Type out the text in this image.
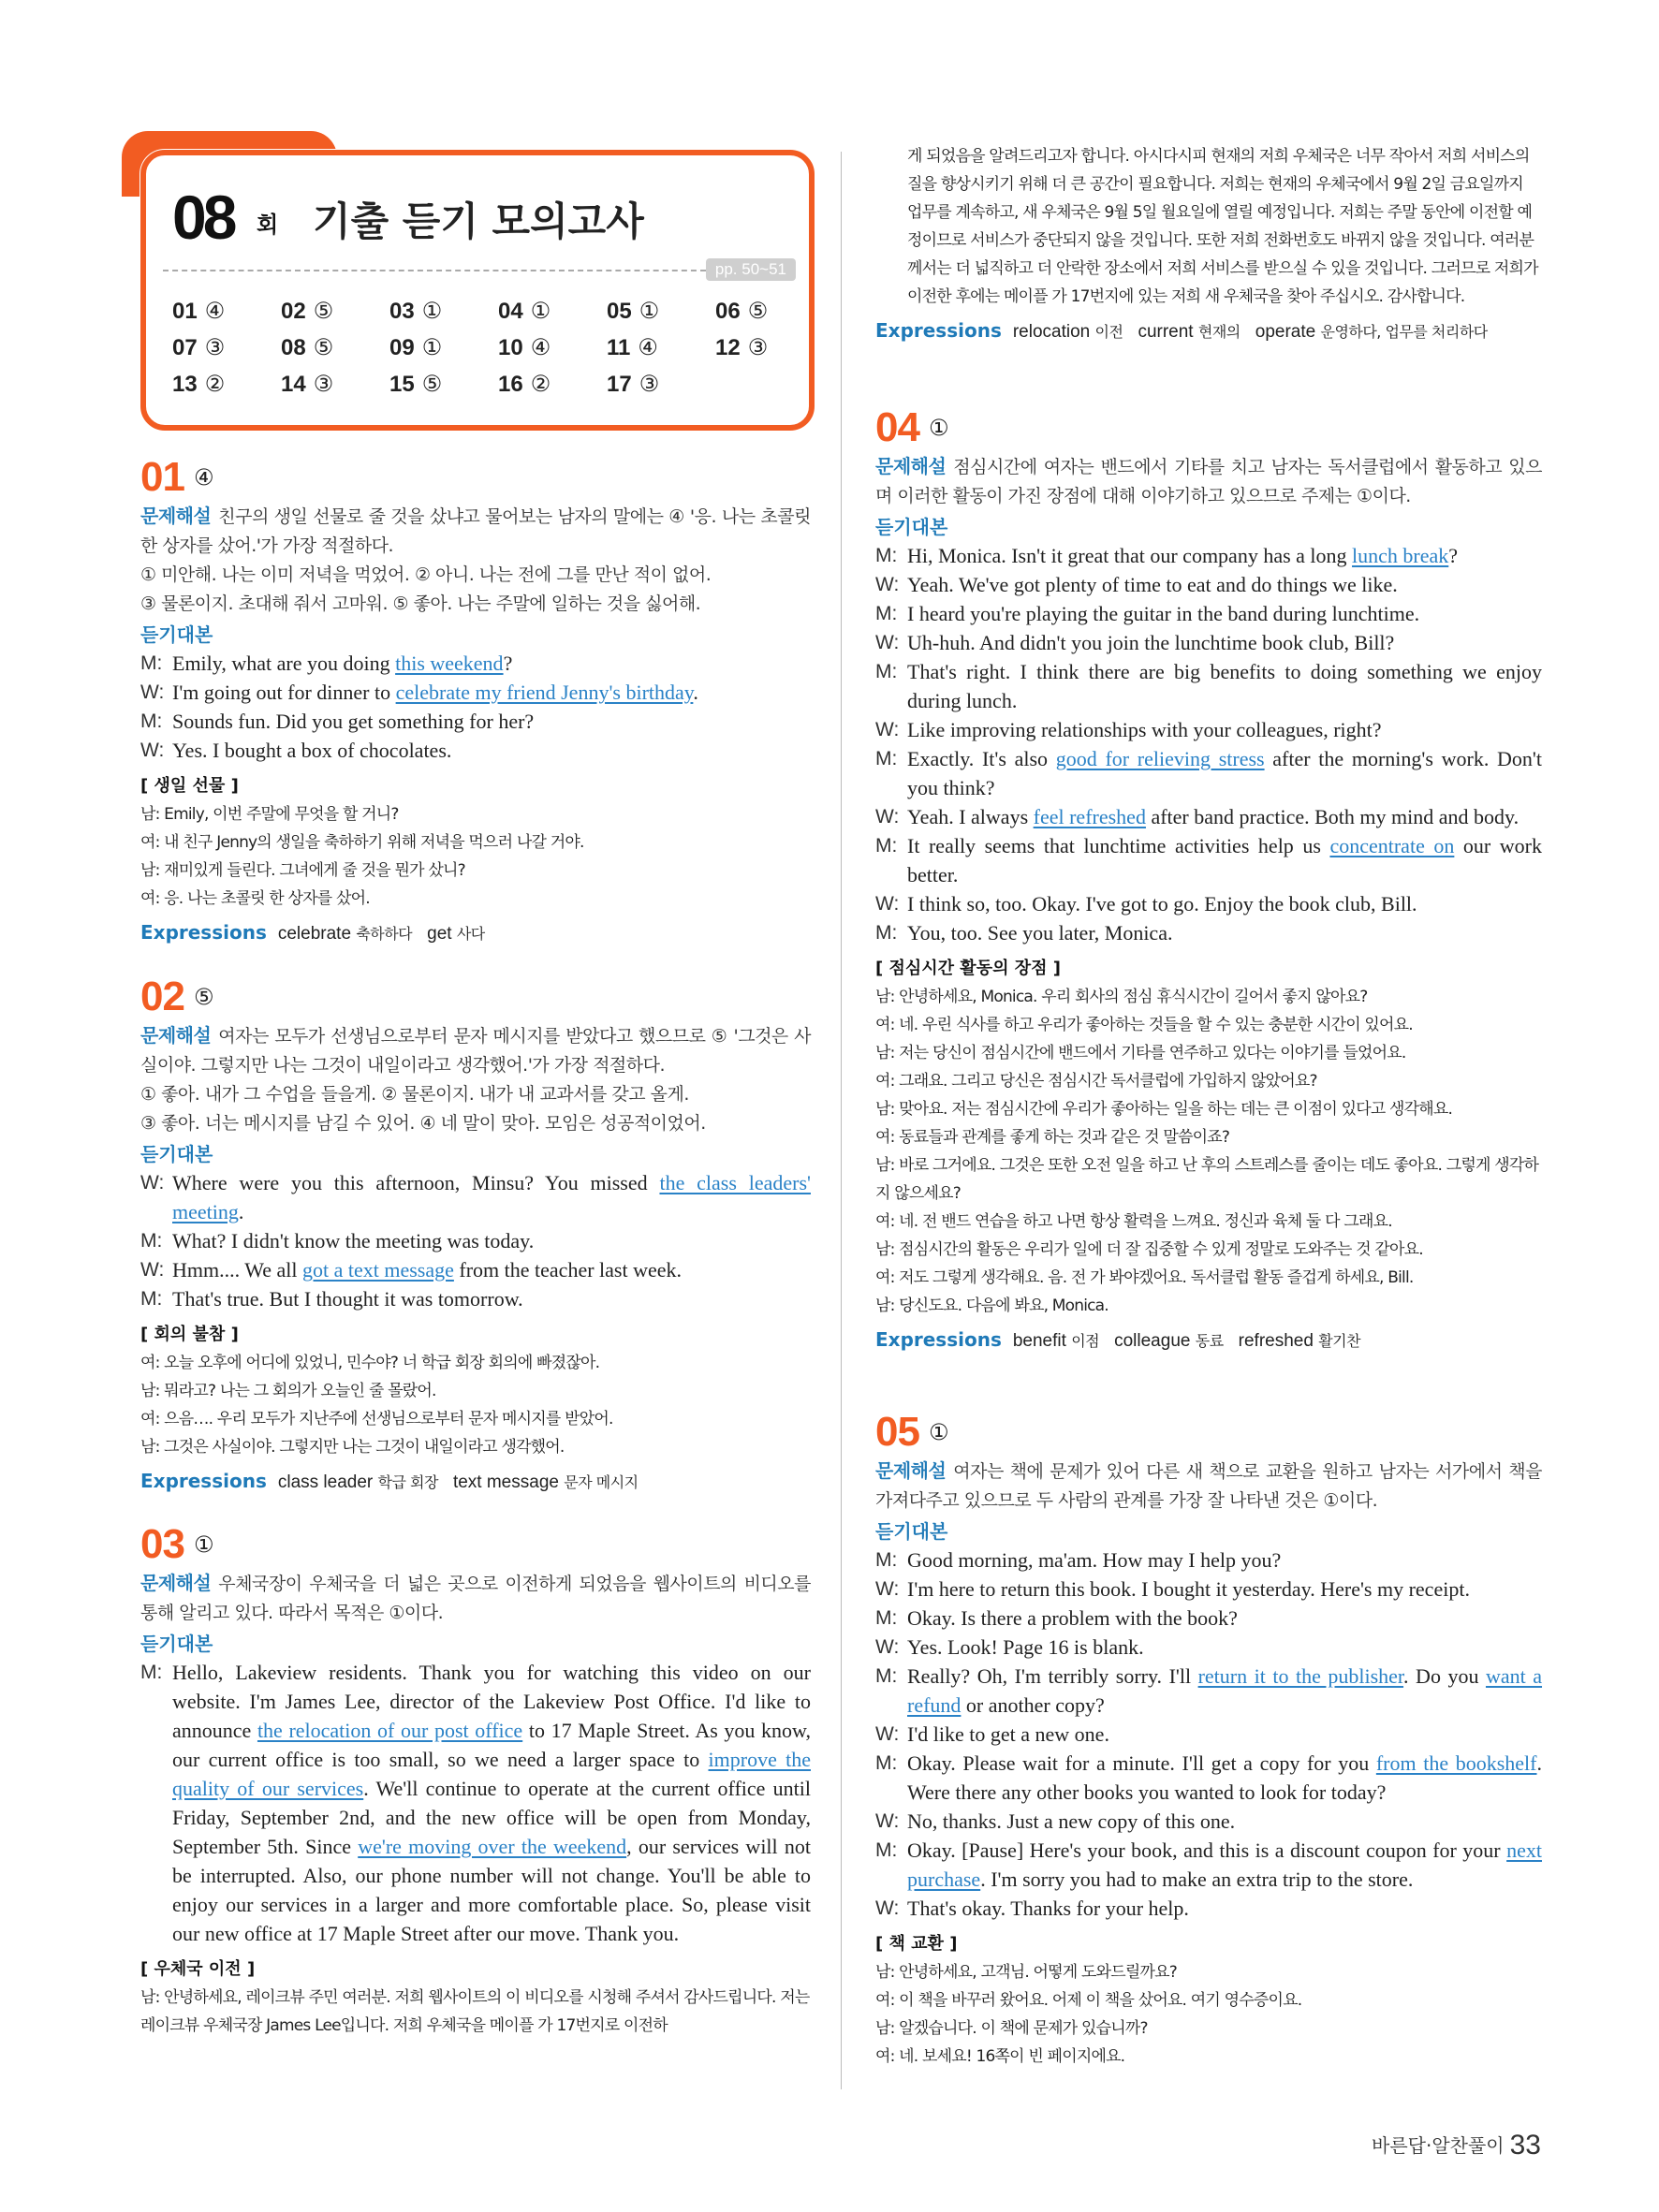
08 회 기출 듣기 모의고사
pp. 50~51
01 ④	02 ⑤	03 ①	04 ①	05 ①	06 ⑤
07 ③	08 ⑤	09 ①	10 ④	11 ④	12 ③
13 ②	14 ③	15 ⑤	16 ②	17 ③
01 ④
문제해설 친구의 생일 선물로 줄 것을 샀냐고 물어보는 남자의 말에는 ④ '응. 나는 초콜릿 한 상자를 샀어.'가 가장 적절하다.
① 미안해. 나는 이미 저녁을 먹었어. ② 아니. 나는 전에 그를 만난 적이 없어.
③ 물론이지. 초대해 줘서 고마워. ⑤ 좋아. 나는 주말에 일하는 것을 싫어해.
듣기대본
M: Emily, what are you doing this weekend?
W: I'm going out for dinner to celebrate my friend Jenny's birthday.
M: Sounds fun. Did you get something for her?
W: Yes. I bought a box of chocolates.
[ 생일 선물 ]
남: Emily, 이번 주말에 무엇을 할 거니?
여: 내 친구 Jenny의 생일을 축하하기 위해 저녁을 먹으러 나갈 거야.
남: 재미있게 들린다. 그녀에게 줄 것을 뭔가 샀니?
여: 응. 나는 초콜릿 한 상자를 샀어.
Expressions celebrate 축하하다 get 사다
02 ⑤
문제해설 여자는 모두가 선생님으로부터 문자 메시지를 받았다고 했으므로 ⑤ '그것은 사실이야. 그렇지만 나는 그것이 내일이라고 생각했어.'가 가장 적절하다.
① 좋아. 내가 그 수업을 들을게. ② 물론이지. 내가 내 교과서를 갖고 올게.
③ 좋아. 너는 메시지를 남길 수 있어. ④ 네 말이 맞아. 모임은 성공적이었어.
듣기대본
W: Where were you this afternoon, Minsu? You missed the class leaders' meeting.
M: What? I didn't know the meeting was today.
W: Hmm.... We all got a text message from the teacher last week.
M: That's true. But I thought it was tomorrow.
[ 회의 불참 ]
여: 오늘 오후에 어디에 있었니, 민수야? 너 학급 회장 회의에 빠졌잖아.
남: 뭐라고? 나는 그 회의가 오늘인 줄 몰랐어.
여: 으음…. 우리 모두가 지난주에 선생님으로부터 문자 메시지를 받았어.
남: 그것은 사실이야. 그렇지만 나는 그것이 내일이라고 생각했어.
Expressions class leader 학급 회장 text message 문자 메시지
03 ①
문제해설 우체국장이 우체국을 더 넓은 곳으로 이전하게 되었음을 웹사이트의 비디오를 통해 알리고 있다. 따라서 목적은 ①이다.
듣기대본
M: Hello, Lakeview residents. Thank you for watching this video on our website. I'm James Lee, director of the Lakeview Post Office. I'd like to announce the relocation of our post office to 17 Maple Street. As you know, our current office is too small, so we need a larger space to improve the quality of our services. We'll continue to operate at the current office until Friday, September 2nd, and the new office will be open from Monday, September 5th. Since we're moving over the weekend, our services will not be interrupted. Also, our phone number will not change. You'll be able to enjoy our services in a larger and more comfortable place. So, please visit our new office at 17 Maple Street after our move. Thank you.
[ 우체국 이전 ]
남: 안녕하세요, 레이크뷰 주민 여러분. 저희 웹사이트의 이 비디오를 시청해 주셔서 감사드립니다. 저는 레이크뷰 우체국장 James Lee입니다. 저희 우체국을 메이플 가 17번지로 이전하
게 되었음을 알려드리고자 합니다. 아시다시피 현재의 저희 우체국은 너무 작아서 저희 서비스의 질을 향상시키기 위해 더 큰 공간이 필요합니다. 저희는 현재의 우체국에서 9월 2일 금요일까지 업무를 계속하고, 새 우체국은 9월 5일 월요일에 열릴 예정입니다. 저희는 주말 동안에 이전할 예정이므로 서비스가 중단되지 않을 것입니다. 또한 저희 전화번호도 바뀌지 않을 것입니다. 여러분께서는 더 넓직하고 더 안락한 장소에서 저희 서비스를 받으실 수 있을 것입니다. 그러므로 저희가 이전한 후에는 메이플 가 17번지에 있는 저희 새 우체국을 찾아 주십시오. 감사합니다.
Expressions relocation 이전 current 현재의 operate 운영하다, 업무를 처리하다
04 ①
문제해설 점심시간에 여자는 밴드에서 기타를 치고 남자는 독서클럽에서 활동하고 있으며 이러한 활동이 가진 장점에 대해 이야기하고 있으므로 주제는 ①이다.
듣기대본
M: Hi, Monica. Isn't it great that our company has a long lunch break?
W: Yeah. We've got plenty of time to eat and do things we like.
M: I heard you're playing the guitar in the band during lunchtime.
W: Uh-huh. And didn't you join the lunchtime book club, Bill?
M: That's right. I think there are big benefits to doing something we enjoy during lunch.
W: Like improving relationships with your colleagues, right?
M: Exactly. It's also good for relieving stress after the morning's work. Don't you think?
W: Yeah. I always feel refreshed after band practice. Both my mind and body.
M: It really seems that lunchtime activities help us concentrate on our work better.
W: I think so, too. Okay. I've got to go. Enjoy the book club, Bill.
M: You, too. See you later, Monica.
[ 점심시간 활동의 장점 ]
남: 안녕하세요, Monica. 우리 회사의 점심 휴식시간이 길어서 좋지 않아요?
여: 네. 우린 식사를 하고 우리가 좋아하는 것들을 할 수 있는 충분한 시간이 있어요.
남: 저는 당신이 점심시간에 밴드에서 기타를 연주하고 있다는 이야기를 들었어요.
여: 그래요. 그리고 당신은 점심시간 독서클럽에 가입하지 않았어요?
남: 맞아요. 저는 점심시간에 우리가 좋아하는 일을 하는 데는 큰 이점이 있다고 생각해요.
여: 동료들과 관계를 좋게 하는 것과 같은 것 말씀이죠?
남: 바로 그거에요. 그것은 또한 오전 일을 하고 난 후의 스트레스를 줄이는 데도 좋아요. 그렇게 생각하지 않으세요?
여: 네. 전 밴드 연습을 하고 나면 항상 활력을 느껴요. 정신과 육체 둘 다 그래요.
남: 점심시간의 활동은 우리가 일에 더 잘 집중할 수 있게 정말로 도와주는 것 같아요.
여: 저도 그렇게 생각해요. 음. 전 가 봐야겠어요. 독서클럽 활동 즐겁게 하세요, Bill.
남: 당신도요. 다음에 봐요, Monica.
Expressions benefit 이점 colleague 동료 refreshed 활기찬
05 ①
문제해설 여자는 책에 문제가 있어 다른 새 책으로 교환을 원하고 남자는 서가에서 책을 가져다주고 있으므로 두 사람의 관계를 가장 잘 나타낸 것은 ①이다.
듣기대본
M: Good morning, ma'am. How may I help you?
W: I'm here to return this book. I bought it yesterday. Here's my receipt.
M: Okay. Is there a problem with the book?
W: Yes. Look! Page 16 is blank.
M: Really? Oh, I'm terribly sorry. I'll return it to the publisher. Do you want a refund or another copy?
W: I'd like to get a new one.
M: Okay. Please wait for a minute. I'll get a copy for you from the bookshelf. Were there any other books you wanted to look for today?
W: No, thanks. Just a new copy of this one.
M: Okay. [Pause] Here's your book, and this is a discount coupon for your next purchase. I'm sorry you had to make an extra trip to the store.
W: That's okay. Thanks for your help.
[ 책 교환 ]
남: 안녕하세요, 고객님. 어떻게 도와드릴까요?
여: 이 책을 바꾸러 왔어요. 어제 이 책을 샀어요. 여기 영수증이요.
남: 알겠습니다. 이 책에 문제가 있습니까?
여: 네. 보세요! 16쪽이 빈 페이지에요.
바른답·알찬풀이 33
